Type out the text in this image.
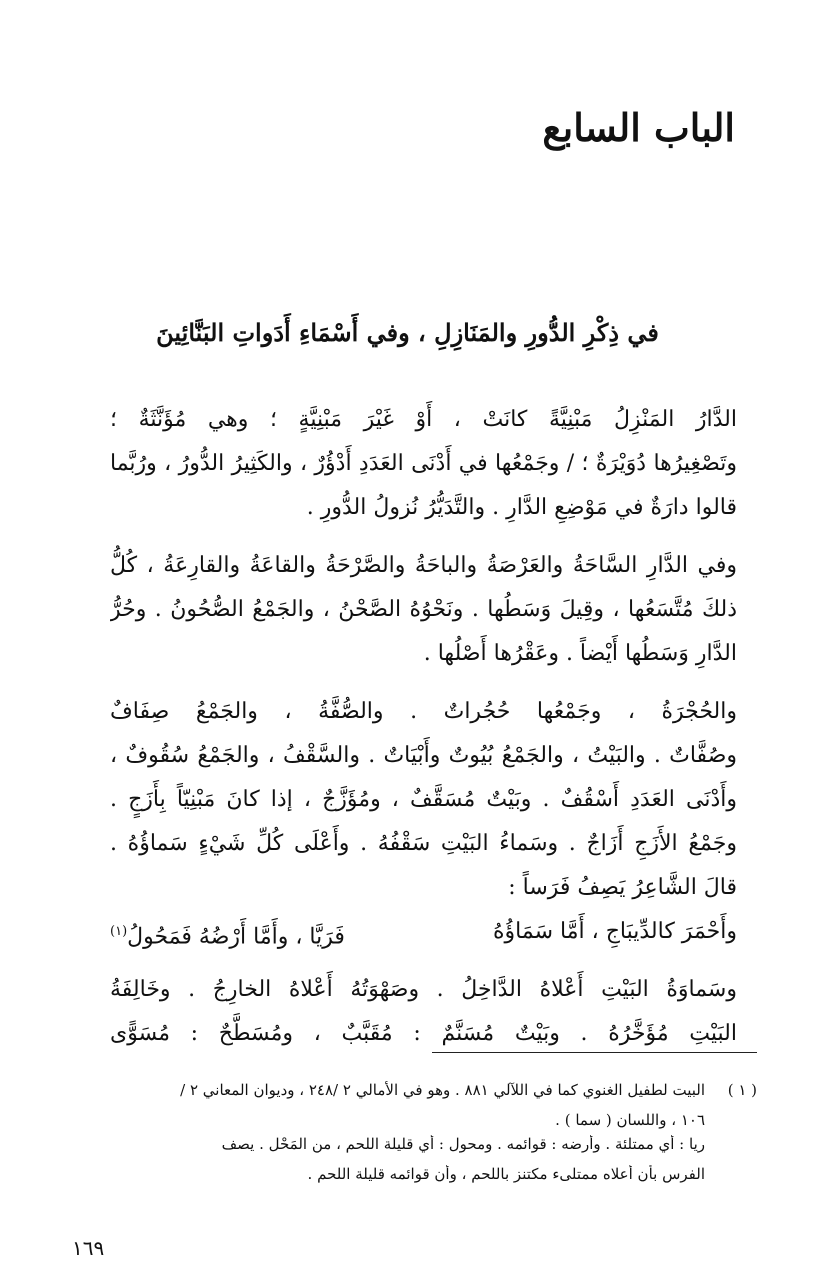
الباب السابع
في ذِكْرِ الدُّورِ والمَنَازِلِ ، وفي أَسْمَاءِ أَدَواتِ البَنَّائِينَ
الدَّارُ المَنْزِلُ مَبْنِيَّةً كانَتْ ، أَوْ غَيْرَ مَبْنِيَّةٍ ؛ وهي مُؤَنَّثَةٌ ؛
وتَصْغِيرُها دُوَيْرَةٌ ؛ / وجَمْعُها في أَدْنَى العَدَدِ أَدْؤُرٌ ، والكَثِيرُ الدُّورُ ، ورُبَّما
قالوا دارَةٌ في مَوْضِعِ الدَّارِ . والتَّدَيُّرُ نُزولُ الدُّورِ .
وفي الدَّارِ السَّاحَةُ والعَرْصَةُ والباحَةُ والصَّرْحَةُ والقاعَةُ والقارِعَةُ ، كُلُّ
ذلكَ مُتَّسَعُها ، وقِيلَ وَسَطُها . ونَحْوُهُ الصَّحْنُ ، والجَمْعُ الصُّحُونُ . وحُرُّ
الدَّارِ وَسَطُها أَيْضاً . وعَقْرُها أَصْلُها .
والحُجْرَةُ ، وجَمْعُها حُجُراتٌ . والصُّفَّةُ ، والجَمْعُ صِفَافٌ
وصُفَّاتٌ . والبَيْتُ ، والجَمْعُ بُيُوتٌ وأَبْيَاتٌ . والسَّقْفُ ، والجَمْعُ سُقُوفٌ ،
وأَدْنَى العَدَدِ أَسْقُفٌ . وبَيْتٌ مُسَقَّفٌ ، ومُؤَزَّجٌ ، إذا كانَ مَبْنِيّاً بِأَزَجٍ .
وجَمْعُ الأَزَجِ أَزَاجٌ . وسَماءُ البَيْتِ سَقْفُهُ . وأَعْلَى كُلِّ شَيْءٍ سَماؤُهُ .
قالَ الشَّاعِرُ يَصِفُ فَرَساً :
وأَحْمَرَ كالدِّيبَاجِ ، أَمَّا سَمَاؤُهُ
فَرَيَّا ، وأَمَّا أَرْضُهُ فَمَحُولُ$^{(١)}$
وسَماوَةُ البَيْتِ أَعْلاهُ الدَّاخِلُ . وصَهْوَتُهُ أَعْلاهُ الخارِجُ . وخَالِفَةُ
البَيْتِ مُؤَخَّرُهُ . وبَيْتٌ مُسَنَّمٌ : مُقَبَّبٌ ، ومُسَطَّحٌ : مُسَوًّى
( ١ )
البيت لطفيل الغنوي كما في اللآلي ٨٨١ . وهو في الأمالي ٢ /٢٤٨ ، وديوان المعاني ٢ /
١٠٦ ، واللسان ( سما ) .
ريا : أي ممتلئة . وأرضه : قوائمه . ومحول : أي قليلة اللحم ، من المَحْل . يصف
الفرس بأن أعلاه ممتلىء مكتنز باللحم ، وأن قوائمه قليلة اللحم .
١٦٩
